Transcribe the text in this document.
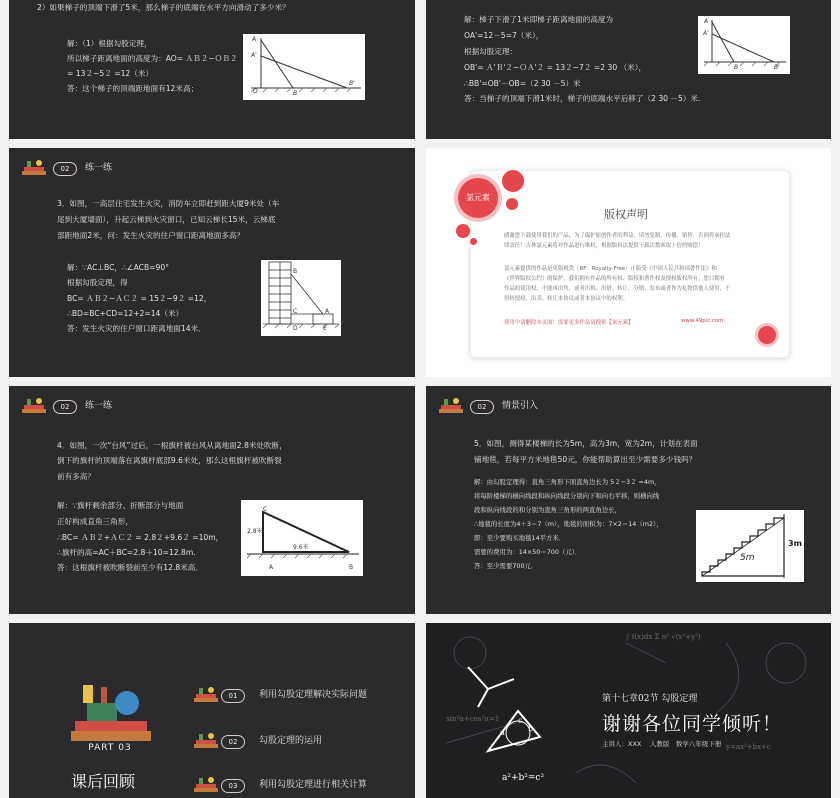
2）如果梯子的顶端下滑了5米，那么梯子的底端在水平方向滑动了多少米？
解：（1）根据勾股定理，
所以梯子距离地面的高度为：AO= ＡＢ２−ＯＢ２
= 13２−5２ =12（米）
答：这个梯子的顶端距地面有12米高；
A
A'
O	B
B'
解：梯子下滑了1米即梯子距离地面的高度为
OA'=12－5=7（米），
根据勾股定理：
OB'= Ａ'Ｂ'２−ＯＡ'２ = 13２−7２ =2 30 （米），
∴BB'=OB'－OB=（2 30 －5）米
答：当梯子的顶端下滑1米时，梯子的底端水平后移了（2 30 －5）米.
A
A'
B	B'
02	练一练
3．如图，一高层住宅发生火灾，消防车立即赶到距大厦9米处（车
尾到大厦墙面），升起云梯到火灾窗口，已知云梯长15米，云梯底
部距地面2米，问：发生火灾的住户窗口距离地面多高？
解：∵AC⊥BC，∴∠ACB=90°
根据勾股定理，得
BC= ＡＢ２−ＡＣ２ = 15２−9２ =12，
∴BD=BC+CD=12+2=14（米）
答：发生火灾的住户窗口距离地面14米．
B
C	A
D	E
氯元素
版权声明
感谢您下载使用我们的产品，为了保护原创作者的利益，请勿复制、传播、销售，否则将承担法
律责任！吉林氯元素将对作品进行维权，根据版权法提供下载次数索取十倍的赔偿！
氯元素提供的作品是免版税类（RF：Royalty-Free）正版受《中国人民共和国著作法》和
《世界版权公约》的保护，我们拥有作品的所有权、版权和著作权及授权版权所有，您只拥有
作品的使用权，不能再出售，或者出租、出借、转让、分销、发布或者作为礼物供他人使用，不
得转授权、出卖、转让本协议或者本协议中的权利。
使用中请删除本页面！需要更多作品请搜索【氯元素】	www.49pic.com
02	练一练
4．如图，一次“台风”过后，一根旗杆被台风从离地面2.8米处吹断，
倒下的旗杆的顶端落在离旗杆底部9.6米处，那么这根旗杆被吹断裂
前有多高？
解：∵旗杆剩余部分、折断部分与地面
正好构成直角三角形，
∴BC= ＡＢ２+ＡＣ２ = 2.8２+9.6２ =10m，
∴旗杆的高=AC＋BC=2.8＋10=12.8m.
答：这根旗杆被吹断裂前至少有12.8米高．
C
2.8米
9.6米
A	B
02	情景引入
5．如图，测得某楼梯的长为5m，高为3m，宽为2m，计划在表面
铺地毯，若每平方米地毯50元，你能帮助算出至少需要多少钱吗？
解：由勾股定理得：直角三角形下面直角边长为 5２−3２ =4m，
将每阶楼梯的横向线段和纵向线段分别向下和向右平移，则横向线
段和纵向线段的和分别为直角三角形的两直角边长，
∴地毯的长度为4＋3＝7（m），地毯的面积为：7×2＝14（m2），
即：至少要购买地毯14平方米．
需要的费用为：14×50＝700（元）．
答：至少需要700元．
5m
3m
PART 03
课后回顾
01	利用勾股定理解决实际问题
02	勾股定理的运用
03	利用勾股定理进行相关计算
∫ f(x)dx Σ n² √(x²+y²)
sin²α+cos²α=1
y=ax²+bx+c
a	b
c
a²+b²=c²
第十七章02节 勾股定理
谢谢各位同学倾听！
主讲人：XXX　 人教版　数学八年级下册
